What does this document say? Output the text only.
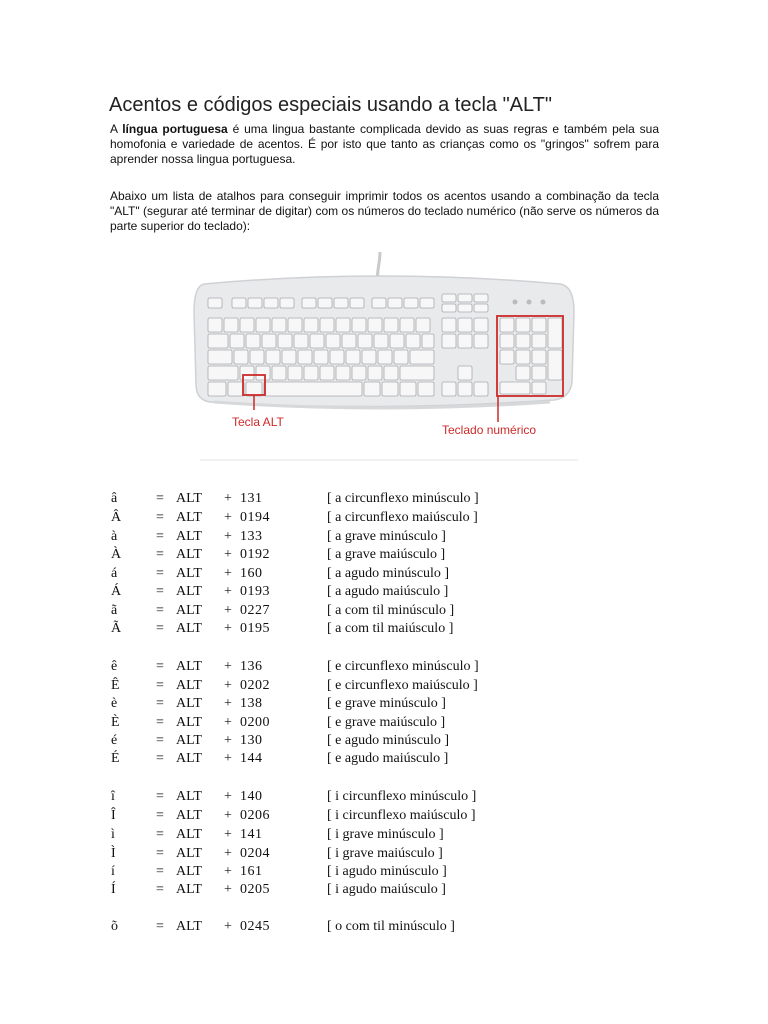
Acentos e códigos especiais usando a tecla "ALT"
A língua portuguesa é uma lingua bastante complicada devido as suas regras e também pela sua homofonia e variedade de acentos. É por isto que tanto as crianças como os "gringos" sofrem para aprender nossa lingua portuguesa.
Abaixo um lista de atalhos para conseguir imprimir todos os acentos usando a combinação da tecla "ALT" (segurar até terminar de digitar) com os números do teclado numérico (não serve os números da parte superior do teclado):
Tecla ALT
Teclado numérico
â	= ALT + 131	[ a circunflexo minúsculo ]
Â = ALT + 0194	[ a circunflexo maiúsculo ]
à	= ALT + 133	[ a grave minúsculo ]
À = ALT + 0192	[ a grave maiúsculo ]
á	= ALT + 160	[ a agudo minúsculo ]
Á = ALT + 0193	[ a agudo maiúsculo ]
ã	= ALT + 0227	[ a com til minúsculo ]
Ã = ALT + 0195	[ a com til maiúsculo ]
ê	= ALT + 136	[ e circunflexo minúsculo ]
Ê	= ALT + 0202	[ e circunflexo maiúsculo ]
è	= ALT + 138	[ e grave minúsculo ]
È	= ALT + 0200	[ e grave maiúsculo ]
é	= ALT + 130	[ e agudo minúsculo ]
É	= ALT + 144	[ e agudo maiúsculo ]
î	= ALT + 140	[ i circunflexo minúsculo ]
Î	= ALT + 0206	[ i circunflexo maiúsculo ]
ì	= ALT + 141	[ i grave minúsculo ]
Ì	= ALT + 0204	[ i grave maiúsculo ]
í	= ALT + 161	[ i agudo minúsculo ]
Í	= ALT + 0205	[ i agudo maiúsculo ]
õ	= ALT + 0245	[ o com til minúsculo ]
